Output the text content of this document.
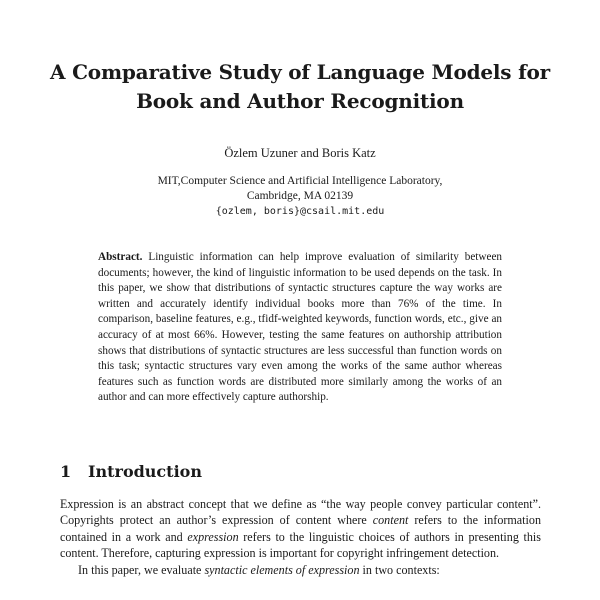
A Comparative Study of Language Models for
Book and Author Recognition
Özlem Uzuner and Boris Katz
MIT,Computer Science and Artificial Intelligence Laboratory,
Cambridge, MA 02139
{ozlem, boris}@csail.mit.edu
Abstract. Linguistic information can help improve evaluation of similarity between documents; however, the kind of linguistic information to be used depends on the task. In this paper, we show that distributions of syntactic structures capture the way works are written and accurately identify individual books more than 76% of the time. In comparison, baseline features, e.g., tfidf-weighted keywords, function words, etc., give an accuracy of at most 66%. However, testing the same features on authorship attribution shows that distributions of syntactic structures are less successful than function words on this task; syntactic structures vary even among the works of the same author whereas features such as function words are distributed more similarly among the works of an author and can more effectively capture authorship.
1 Introduction

Expression is an abstract concept that we define as “the way people convey particular content”. Copyrights protect an author’s expression of content where content refers to the information contained in a work and expression refers to the linguistic choices of authors in presenting this content. Therefore, capturing expression is important for copyright infringement detection.

In this paper, we evaluate syntactic elements of expression in two contexts:
